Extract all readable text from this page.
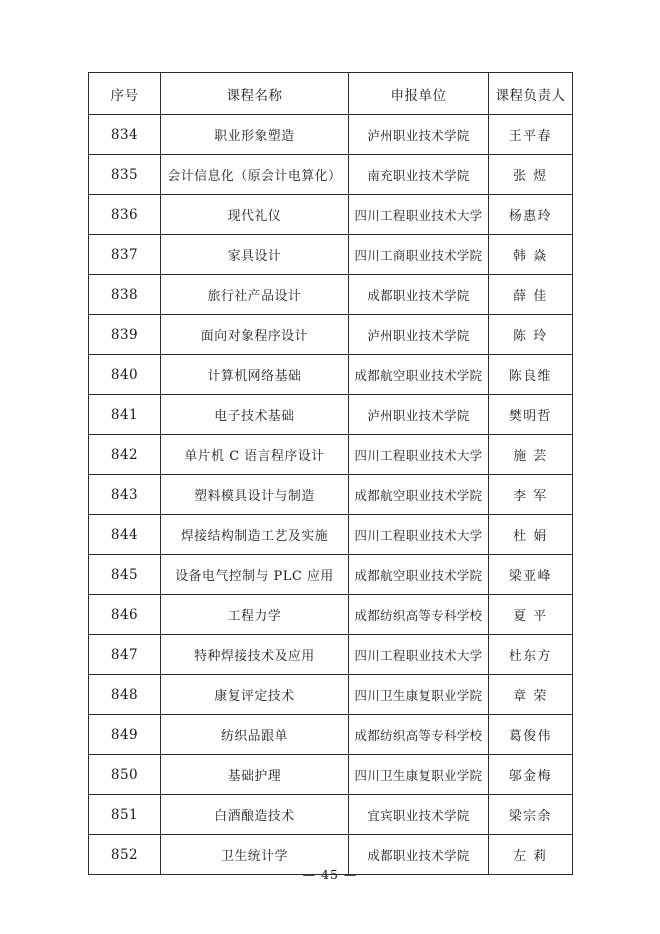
序号	课程名称	申报单位	课程负责人
834	职业形象塑造	泸州职业技术学院	王平春
835	会计信息化（原会计电算化）	南充职业技术学院	张 煜
836	现代礼仪	四川工程职业技术大学	杨惠玲
837	家具设计	四川工商职业技术学院	韩 焱
838	旅行社产品设计	成都职业技术学院	薛 佳
839	面向对象程序设计	泸州职业技术学院	陈 玲
840	计算机网络基础	成都航空职业技术学院	陈良维
841	电子技术基础	泸州职业技术学院	樊明哲
842	单片机 C 语言程序设计	四川工程职业技术大学	施 芸
843	塑料模具设计与制造	成都航空职业技术学院	李 军
844	焊接结构制造工艺及实施	四川工程职业技术大学	杜 娟
845	设备电气控制与 PLC 应用	成都航空职业技术学院	梁亚峰
846	工程力学	成都纺织高等专科学校	夏 平
847	特种焊接技术及应用	四川工程职业技术大学	杜东方
848	康复评定技术	四川卫生康复职业学院	章 荣
849	纺织品跟单	成都纺织高等专科学校	葛俊伟
850	基础护理	四川卫生康复职业学院	邬金梅
851	白酒酿造技术	宜宾职业技术学院	梁宗余
852	卫生统计学	成都职业技术学院	左 莉
— 45 —
